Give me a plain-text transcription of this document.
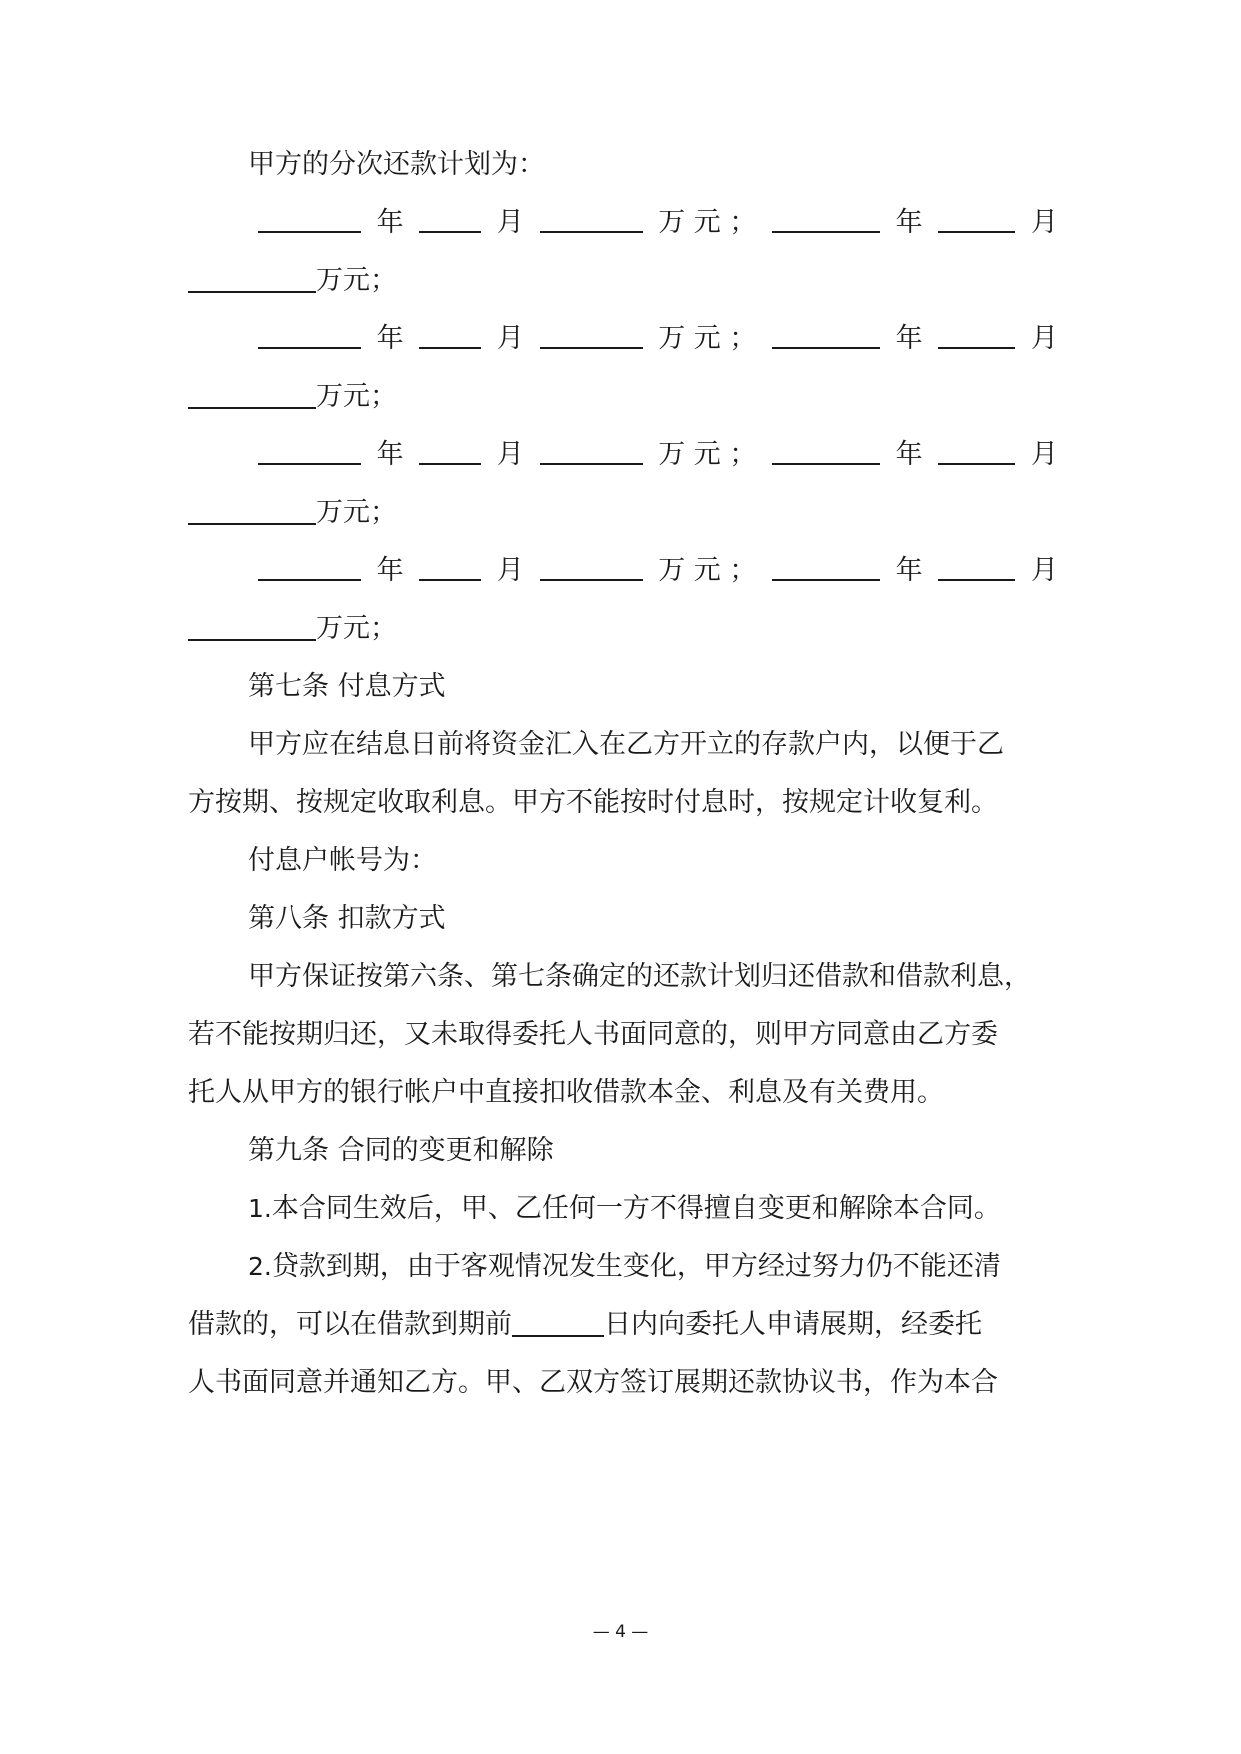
甲方的分次还款计划为：

年	月	万 元 ；	年	月
万元；
年	月	万 元 ；	年	月
万元；
年	月	万 元 ；	年	月
万元；
年	月	万 元 ；	年	月
万元；

第七条 付息方式

甲方应在结息日前将资金汇入在乙方开立的存款户内，以便于乙

方按期、按规定收取利息。甲方不能按时付息时，按规定计收复利。

付息户帐号为：

第八条 扣款方式

甲方保证按第六条、第七条确定的还款计划归还借款和借款利息，

若不能按期归还，又未取得委托人书面同意的，则甲方同意由乙方委

托人从甲方的银行帐户中直接扣收借款本金、利息及有关费用。

第九条 合同的变更和解除

1.本合同生效后，甲、乙任何一方不得擅自变更和解除本合同。

2.贷款到期，由于客观情况发生变化，甲方经过努力仍不能还清

借款的，可以在借款到期前	日内向委托人申请展期，经委托

人书面同意并通知乙方。甲、乙双方签订展期还款协议书，作为本合

— 4 —
